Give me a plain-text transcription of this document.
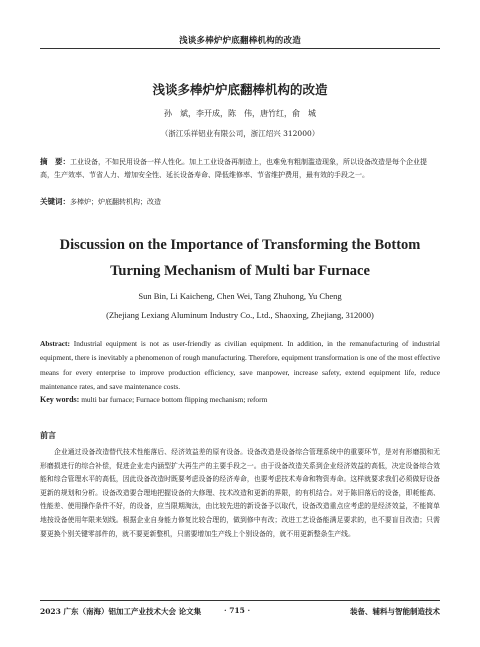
浅谈多棒炉炉底翻棒机构的改造
浅谈多棒炉炉底翻棒机构的改造
孙　斌，李开成，陈　伟，唐竹红，俞　城
（浙江乐祥铝业有限公司，浙江绍兴 312000）
摘　要：工业设备，不如民用设备一样人性化。加上工业设备再制造上，也难免有粗制滥造现象，所以设备改造是每个企业提高，生产效率、节省人力、增加安全性、延长设备寿命、降低维修率、节省维护费用，最有效的手段之一。
关键词：多棒炉；炉底翻转机构；改造
Discussion on the Importance of Transforming the Bottom Turning Mechanism of Multi bar Furnace
Sun Bin, Li Kaicheng, Chen Wei, Tang Zhuhong, Yu Cheng
(Zhejiang Lexiang Aluminum Industry Co., Ltd., Shaoxing, Zhejiang, 312000)
Abstract: Industrial equipment is not as user-friendly as civilian equipment. In addition, in the remanufacturing of industrial equipment, there is inevitably a phenomenon of rough manufacturing. Therefore, equipment transformation is one of the most effective means for every enterprise to improve production efficiency, save manpower, increase safety, extend equipment life, reduce maintenance rates, and save maintenance costs.
Key words: multi bar furnace; Furnace bottom flipping mechanism; reform
前言
企业通过设备改造替代技术性能落后、经济效益差的原有设备。设备改造是设备综合管理系统中的重要环节，是对有形磨损和无形磨损进行的综合补偿，促进企业走内涵型扩大再生产的主要手段之一。由于设备改造关系到企业经济效益的高低，决定设备综合效能和综合管理水平的高低，因此设备改造时既要考虑设备的经济寿命，也要考虑技术寿命和物资寿命。这样就要求我们必须做好设备更新的规划和分析。设备改造要合理地把握设备的大修理、技术改造和更新的界限，的有机结合。对于陈旧落后的设备，即耗能高、性能差、使用操作条件不好，的设备，应当限期淘汰，由比较先进的新设备予以取代，设备改造重点应考虑的是经济效益，不能简单地按设备使用年限来划线。根据企业自身能力修复比较合理的，做到修中有改；改进工艺设备能满足要求的，也不要盲目改造；只需要更换个别关键零部件的，就不要更新整机，只需要增加生产线上个别设备的，就不用更新整条生产线。
2023 广东（南海）铝加工产业技术大会 论文集	· 715 ·	装备、辅料与智能制造技术
